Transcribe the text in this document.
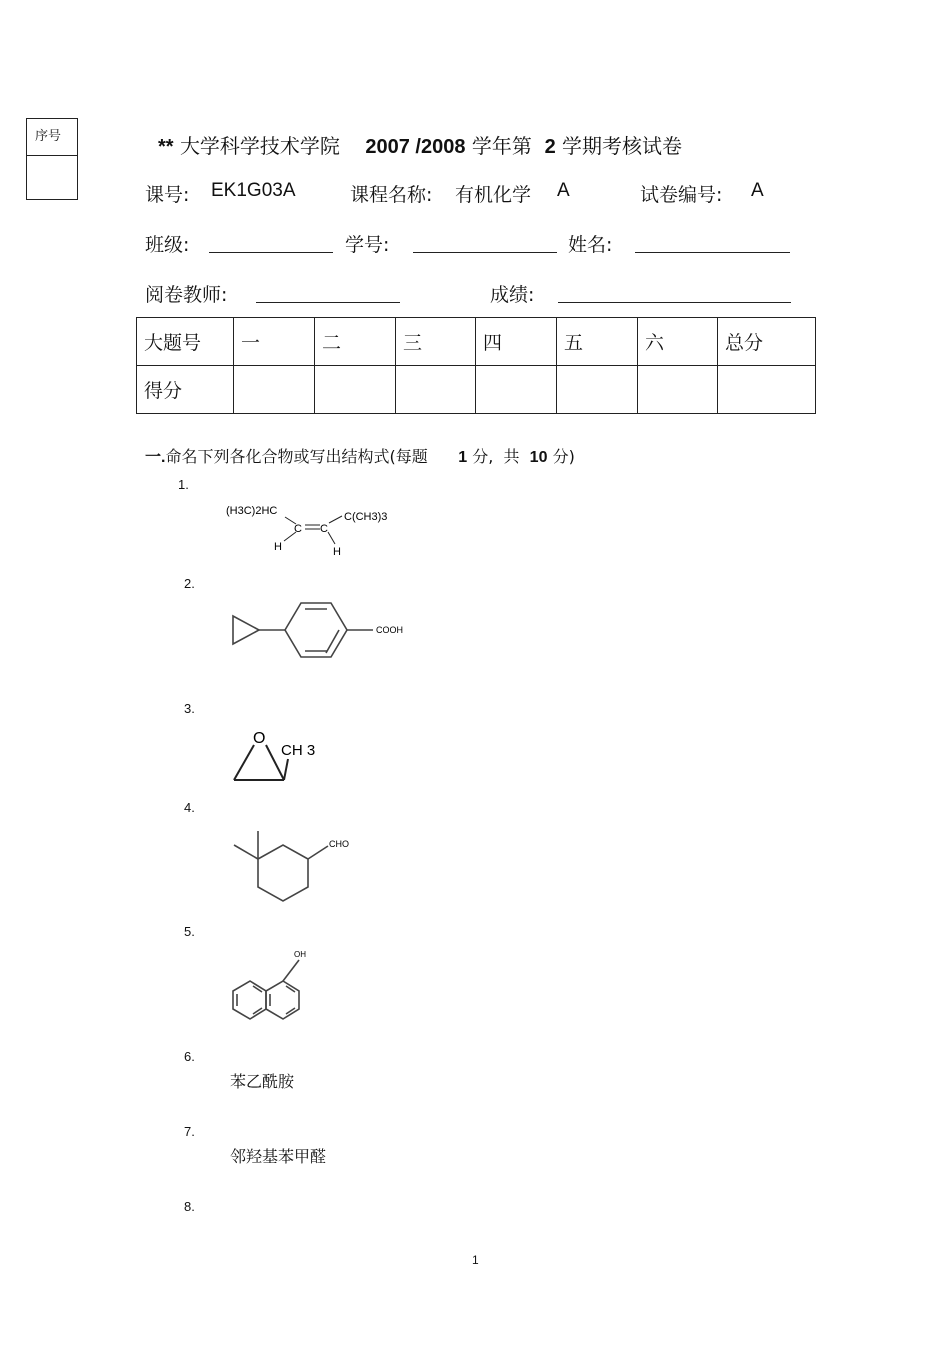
序号	** 大学科学技术学院 2007 /2008 学年第 2 学期考核试卷
课号: EK1G03A	课程名称: 有机化学 A	试卷编号: A
班级:	学号:	姓名:
阅卷教师:	成绩:
大题号	一	二	三	四	五	六	总分
得分							
一.命名下列各化合物或写出结构式(每题 1 分, 共 10 分)
1.
(H3C)2HC	C(CH3)3
C C
H	H
2.
COOH
3.
O
CH 3
4.
CHO
5.
OH
6.
苯乙酰胺
7.
邻羟基苯甲醛
8.
1
